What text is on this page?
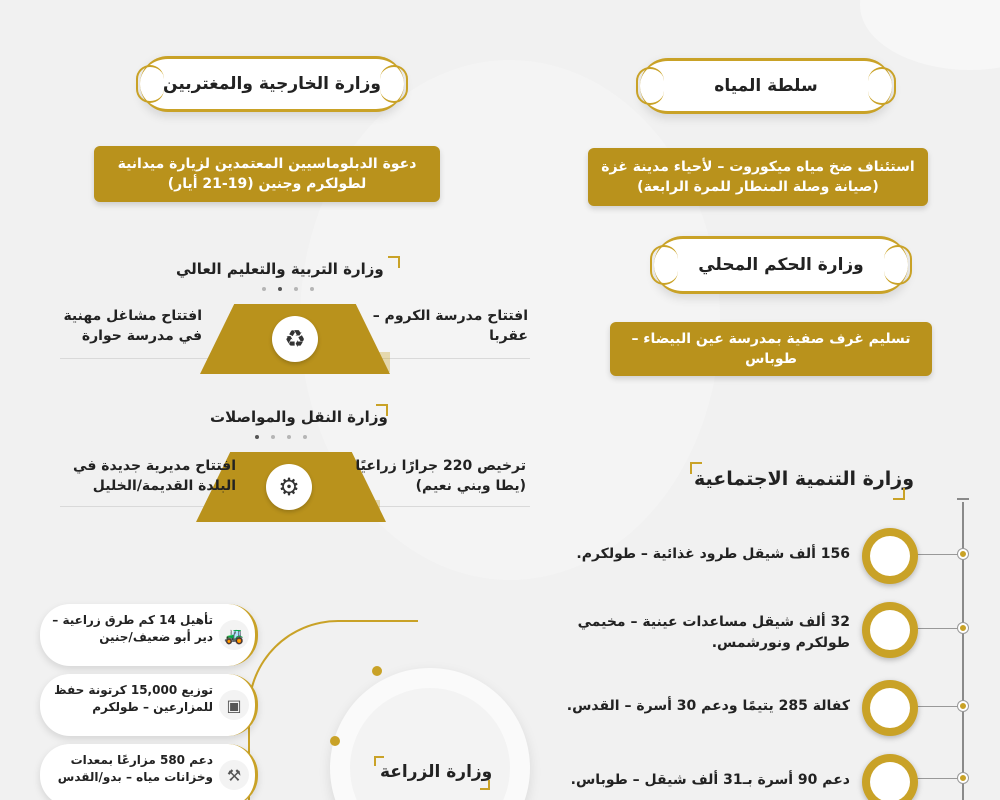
سلطة المياه
استئناف ضخ مياه ميكوروت – لأحياء مدينة غزة (صيانة وصلة المنطار للمرة الرابعة)
وزارة الخارجية والمغتربين
دعوة الدبلوماسيين المعتمدين لزيارة ميدانية لطولكرم وجنين (19-21 أيار)
وزارة الحكم المحلي
تسليم غرف صفية بمدرسة عين البيضاء – طوباس
وزارة التربية والتعليم العالي
♻
افتتاح مدرسة الكروم – عقربا
افتتاح مشاغل مهنية في مدرسة حوارة
وزارة النقل والمواصلات
⚙
ترخيص 220 جرارًا زراعيًا (يطا وبني نعيم)
افتتاح مديرية جديدة في البلدة القديمة/الخليل	وزارة التنمية الاجتماعية
156 ألف شيقل طرود غذائية – طولكرم.
32 ألف شيقل مساعدات عينية – مخيمي طولكرم ونورشمس.
كفالة 285 يتيمًا ودعم 30 أسرة – القدس.
دعم 90 أسرة بـ31 ألف شيقل – طوباس.
وزارة الزراعة
🚜
تأهيل 14 كم طرق زراعية – دير أبو ضعيف/جنين
▣
توزيع 15,000 كرتونة حفظ للمزارعين – طولكرم
⚒
دعم 580 مزارعًا بمعدات وخزانات مياه – بدو/القدس
